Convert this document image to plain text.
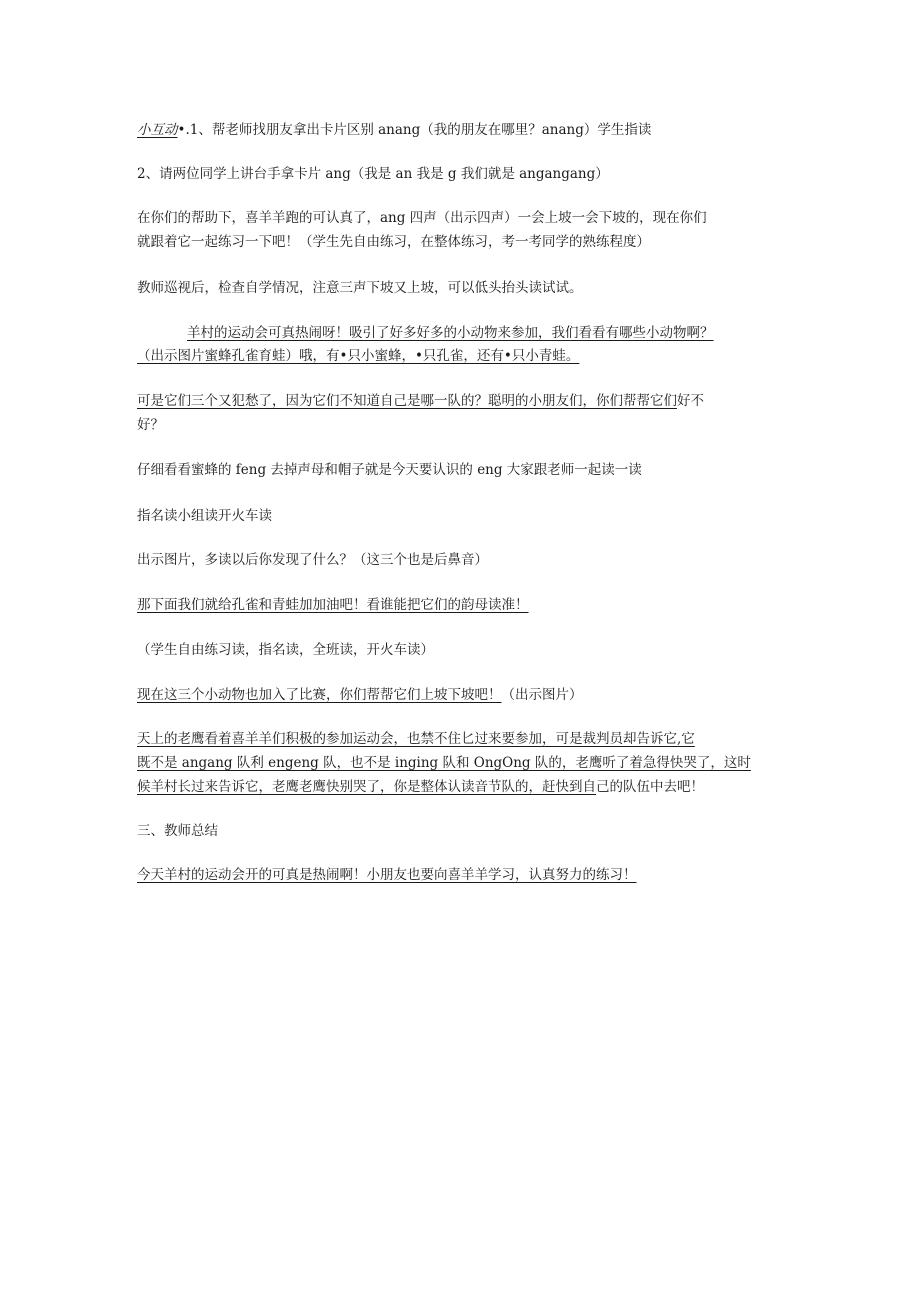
小互动•.1、帮老师找朋友拿出卡片区别 anang（我的朋友在哪里？anang）学生指读
2、请两位同学上讲台手拿卡片 ang（我是 an 我是 g 我们就是 angangang）
在你们的帮助下，喜羊羊跑的可认真了，ang 四声（出示四声）一会上坡一会下坡的，现在你们
就跟着它一起练习一下吧！（学生先自由练习，在整体练习，考一考同学的熟练程度）
教师巡视后，检查自学情况，注意三声下坡又上坡，可以低头抬头读试试。
羊村的运动会可真热闹呀！吸引了好多好多的小动物来参加，我们看看有哪些小动物啊？
（出示图片蜜蜂孔雀育蛙）哦，有•只小蜜蜂，•只孔雀，还有•只小青蛙。
可是它们三个又犯愁了，因为它们不知道自己是哪一队的？聪明的小朋友们，你们帮帮它们好不
好？
仔细看看蜜蜂的 feng 去掉声母和帽子就是今天要认识的 eng 大家跟老师一起读一读
指名读小组读开火车读
出示图片，多读以后你发现了什么？（这三个也是后鼻音）
那下面我们就给孔雀和青蛙加加油吧！看谁能把它们的韵母读准！
（学生自由练习读，指名读，全班读，开火车读）
现在这三个小动物也加入了比赛，你们帮帮它们上坡下坡吧！（出示图片）
天上的老鹰看着喜羊羊们积极的参加运动会，也禁不住匕过来要参加，可是裁判员却告诉它,它
既不是 angang 队利 engeng 队，也不是 inging 队和 OngOng 队的，老鹰听了着急得快哭了，这时
候羊村长过来告诉它，老鹰老鹰快别哭了，你是整体认读音节队的，赶快到自己的队伍中去吧！
三、教师总结
今天羊村的运动会开的可真是热闹啊！小朋友也要向喜羊羊学习，认真努力的练习！
